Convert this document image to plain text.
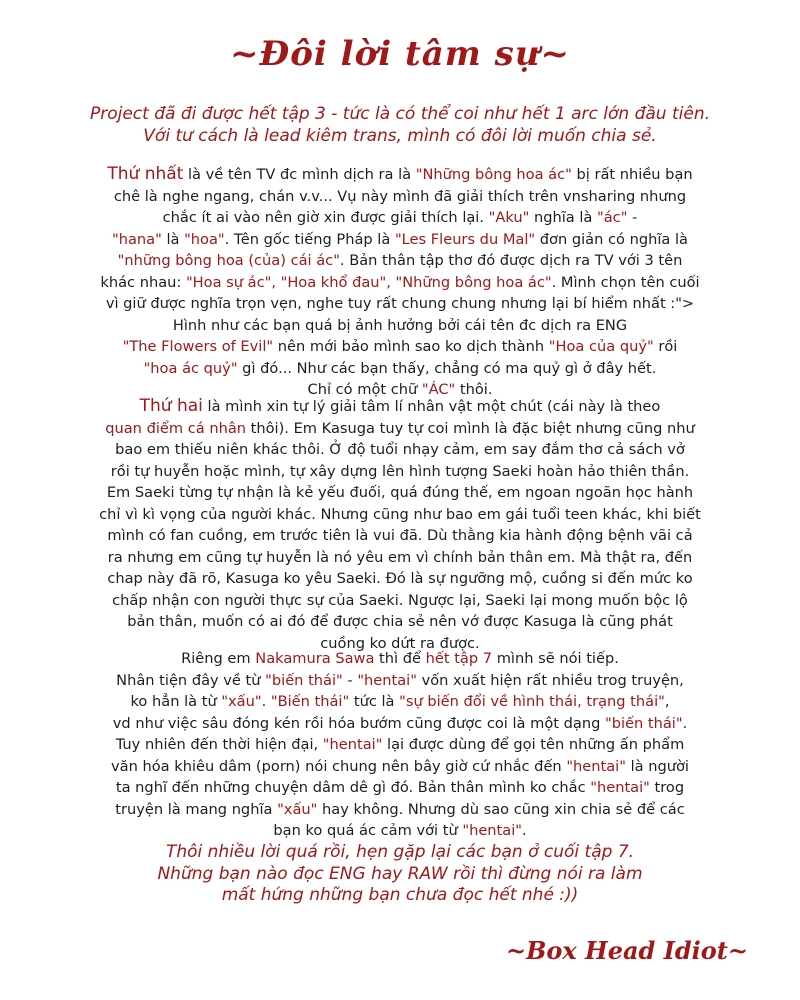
~Đôi lời tâm sự~
Project đã đi được hết tập 3 - tức là có thể coi như hết 1 arc lớn đầu tiên.
Với tư cách là lead kiêm trans, mình có đôi lời muốn chia sẻ.
Thứ nhất là về tên TV đc mình dịch ra là "Những bông hoa ác" bị rất nhiều bạn
chê là nghe ngang, chán v.v... Vụ này mình đã giải thích trên vnsharing nhưng
chắc ít ai vào nên giờ xin được giải thích lại. "Aku" nghĩa là "ác" -
"hana" là "hoa". Tên gốc tiếng Pháp là "Les Fleurs du Mal" đơn giản có nghĩa là
"những bông hoa (của) cái ác". Bản thân tập thơ đó được dịch ra TV với 3 tên
khác nhau: "Hoa sự ác", "Hoa khổ đau", "Những bông hoa ác". Mình chọn tên cuối
vì giữ được nghĩa trọn vẹn, nghe tuy rất chung chung nhưng lại bí hiểm nhất :">
Hình như các bạn quá bị ảnh hưởng bởi cái tên đc dịch ra ENG
"The Flowers of Evil" nên mới bảo mình sao ko dịch thành "Hoa của quỷ" rồi
"hoa ác quỷ" gì đó... Như các bạn thấy, chẳng có ma quỷ gì ở đây hết.
Chỉ có một chữ "ÁC" thôi.
Thứ hai là mình xin tự lý giải tâm lí nhân vật một chút (cái này là theo
quan điểm cá nhân thôi). Em Kasuga tuy tự coi mình là đặc biệt nhưng cũng như
bao em thiếu niên khác thôi. Ở độ tuổi nhạy cảm, em say đắm thơ cả sách vở
rồi tự huyễn hoặc mình, tự xây dựng lên hình tượng Saeki hoàn hảo thiên thần.
Em Saeki từng tự nhận là kẻ yếu đuối, quá đúng thế, em ngoan ngoãn học hành
chỉ vì kì vọng của người khác. Nhưng cũng như bao em gái tuổi teen khác, khi biết
mình có fan cuồng, em trước tiên là vui đã. Dù thằng kia hành động bệnh vãi cả
ra nhưng em cũng tự huyễn là nó yêu em vì chính bản thân em. Mà thật ra, đến
chap này đã rõ, Kasuga ko yêu Saeki. Đó là sự ngưỡng mộ, cuồng si đến mức ko
chấp nhận con người thực sự của Saeki. Ngược lại, Saeki lại mong muốn bộc lộ
bản thân, muốn có ai đó để được chia sẻ nên vớ được Kasuga là cũng phát
cuồng ko dứt ra được.
Riêng em Nakamura Sawa thì để hết tập 7 mình sẽ nói tiếp.
Nhân tiện đây về từ "biến thái" - "hentai" vốn xuất hiện rất nhiều trog truyện,
ko hẳn là từ "xấu". "Biến thái" tức là "sự biến đổi về hình thái, trạng thái",
vd như việc sâu đóng kén rồi hóa bướm cũng được coi là một dạng "biến thái".
Tuy nhiên đến thời hiện đại, "hentai" lại được dùng để gọi tên những ấn phẩm
văn hóa khiêu dâm (porn) nói chung nên bây giờ cứ nhắc đến "hentai" là người
ta nghĩ đến những chuyện dâm dê gì đó. Bản thân mình ko chắc "hentai" trog
truyện là mang nghĩa "xấu" hay không. Nhưng dù sao cũng xin chia sẻ để các
bạn ko quá ác cảm với từ "hentai".
Thôi nhiều lời quá rồi, hẹn gặp lại các bạn ở cuối tập 7.
Những bạn nào đọc ENG hay RAW rồi thì đừng nói ra làm
mất hứng những bạn chưa đọc hết nhé :))
~Box Head Idiot~
